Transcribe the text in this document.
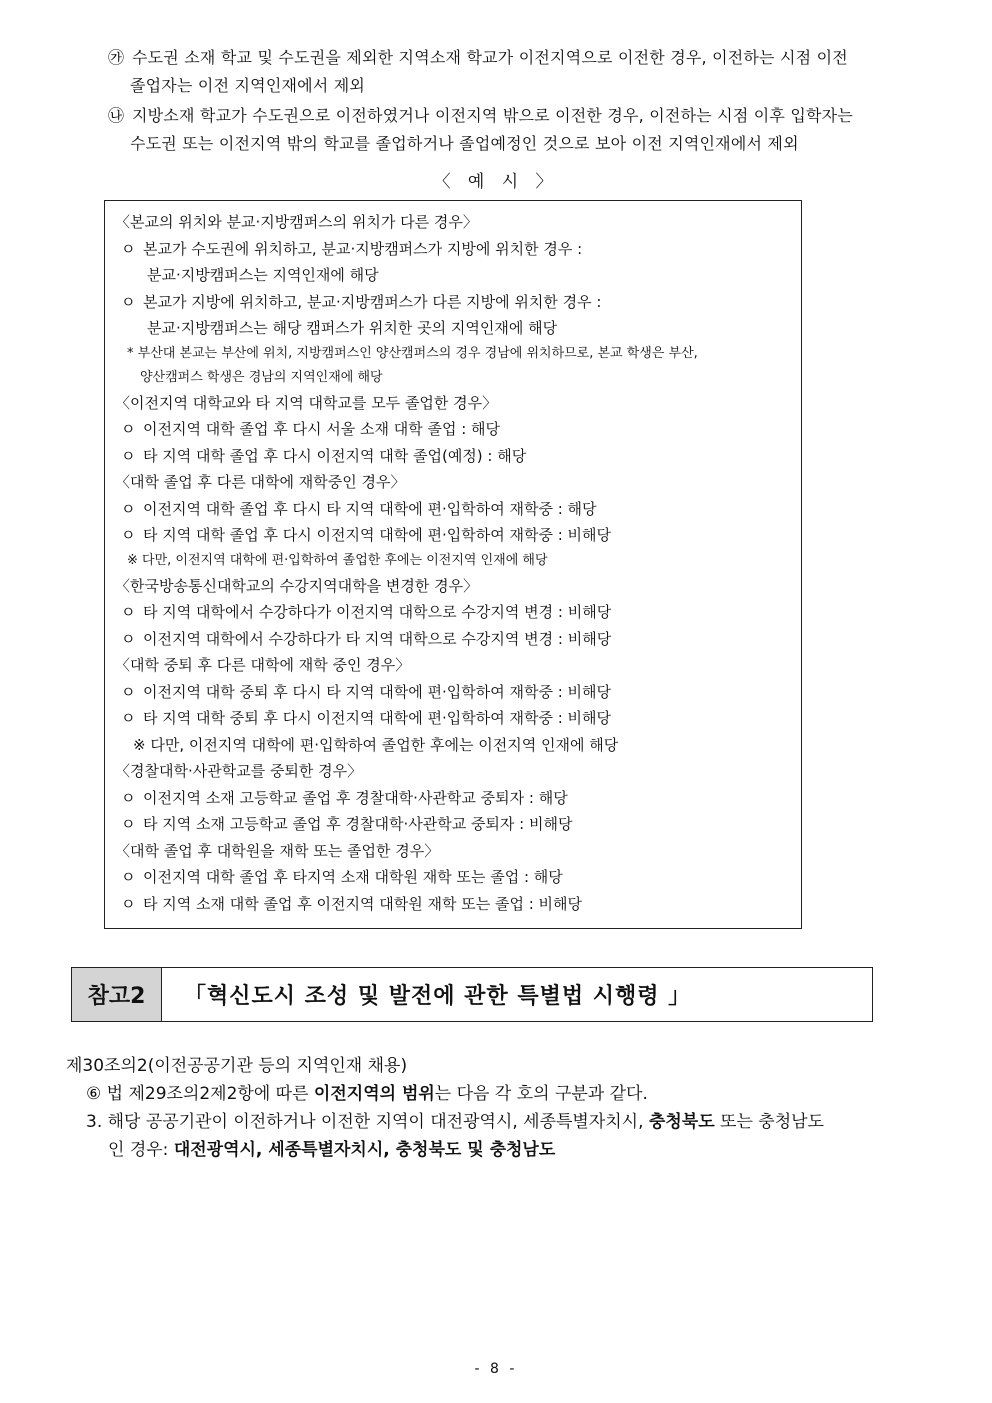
㉮ 수도권 소재 학교 및 수도권을 제외한 지역소재 학교가 이전지역으로 이전한 경우, 이전하는 시점 이전
졸업자는 이전 지역인재에서 제외
㉯ 지방소재 학교가 수도권으로 이전하였거나 이전지역 밖으로 이전한 경우, 이전하는 시점 이후 입학자는
수도권 또는 이전지역 밖의 학교를 졸업하거나 졸업예정인 것으로 보아 이전 지역인재에서 제외
〈 예 시 〉
〈본교의 위치와 분교·지방캠퍼스의 위치가 다른 경우〉
ㅇ 본교가 수도권에 위치하고, 분교·지방캠퍼스가 지방에 위치한 경우 :
분교·지방캠퍼스는 지역인재에 해당
ㅇ 본교가 지방에 위치하고, 분교·지방캠퍼스가 다른 지방에 위치한 경우 :
분교·지방캠퍼스는 해당 캠퍼스가 위치한 곳의 지역인재에 해당
* 부산대 본교는 부산에 위치, 지방캠퍼스인 양산캠퍼스의 경우 경남에 위치하므로, 본교 학생은 부산,
양산캠퍼스 학생은 경남의 지역인재에 해당
〈이전지역 대학교와 타 지역 대학교를 모두 졸업한 경우〉
ㅇ 이전지역 대학 졸업 후 다시 서울 소재 대학 졸업 : 해당
ㅇ 타 지역 대학 졸업 후 다시 이전지역 대학 졸업(예정) : 해당
〈대학 졸업 후 다른 대학에 재학중인 경우〉
ㅇ 이전지역 대학 졸업 후 다시 타 지역 대학에 편·입학하여 재학중 : 해당
ㅇ 타 지역 대학 졸업 후 다시 이전지역 대학에 편·입학하여 재학중 : 비해당
※ 다만, 이전지역 대학에 편·입학하여 졸업한 후에는 이전지역 인재에 해당
〈한국방송통신대학교의 수강지역대학을 변경한 경우〉
ㅇ 타 지역 대학에서 수강하다가 이전지역 대학으로 수강지역 변경 : 비해당
ㅇ 이전지역 대학에서 수강하다가 타 지역 대학으로 수강지역 변경 : 비해당
〈대학 중퇴 후 다른 대학에 재학 중인 경우〉
ㅇ 이전지역 대학 중퇴 후 다시 타 지역 대학에 편·입학하여 재학중 : 비해당
ㅇ 타 지역 대학 중퇴 후 다시 이전지역 대학에 편·입학하여 재학중 : 비해당
※ 다만, 이전지역 대학에 편·입학하여 졸업한 후에는 이전지역 인재에 해당
〈경찰대학·사관학교를 중퇴한 경우〉
ㅇ 이전지역 소재 고등학교 졸업 후 경찰대학·사관학교 중퇴자 : 해당
ㅇ 타 지역 소재 고등학교 졸업 후 경찰대학·사관학교 중퇴자 : 비해당
〈대학 졸업 후 대학원을 재학 또는 졸업한 경우〉
ㅇ 이전지역 대학 졸업 후 타지역 소재 대학원 재학 또는 졸업 : 해당
ㅇ 타 지역 소재 대학 졸업 후 이전지역 대학원 재학 또는 졸업 : 비해당
참고2	「혁신도시 조성 및 발전에 관한 특별법 시행령 」
제30조의2(이전공공기관 등의 지역인재 채용)
⑥ 법 제29조의2제2항에 따른 이전지역의 범위는 다음 각 호의 구분과 같다.
3. 해당 공공기관이 이전하거나 이전한 지역이 대전광역시, 세종특별자치시, 충청북도 또는 충청남도
인 경우: 대전광역시, 세종특별자치시, 충청북도 및 충청남도
- 8 -
